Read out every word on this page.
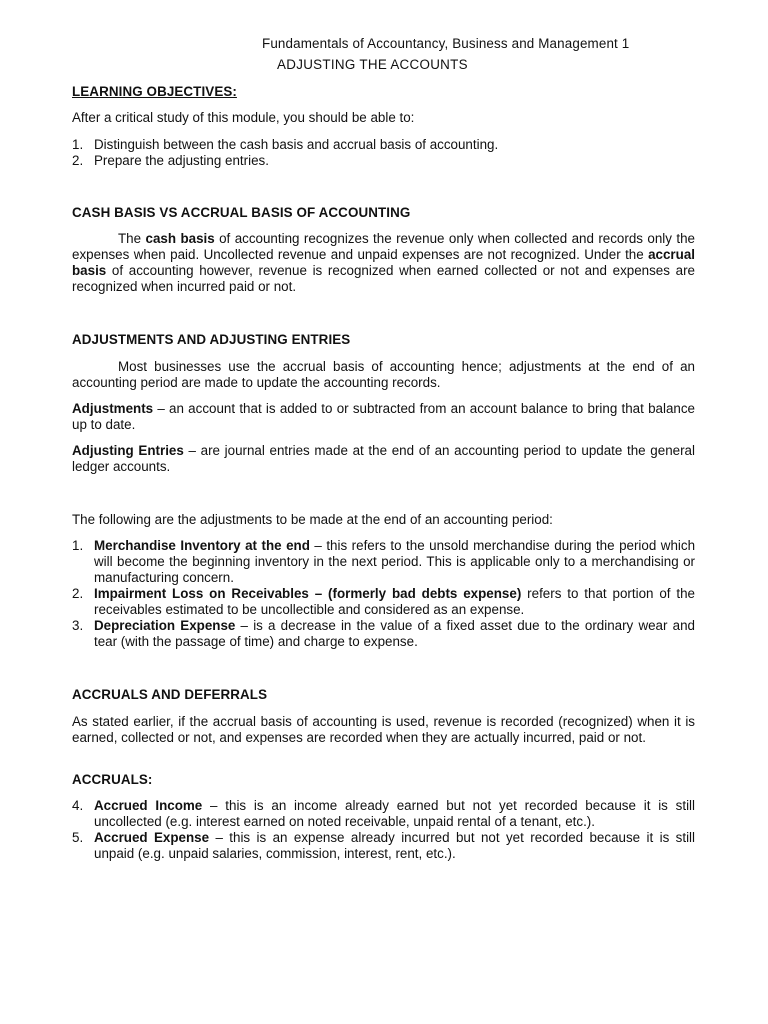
Fundamentals of Accountancy, Business and Management 1
ADJUSTING THE ACCOUNTS
LEARNING OBJECTIVES:
After a critical study of this module, you should be able to:
1. Distinguish between the cash basis and accrual basis of accounting.
2. Prepare the adjusting entries.
CASH BASIS VS ACCRUAL BASIS OF ACCOUNTING

The cash basis of accounting recognizes the revenue only when collected and records only the expenses when paid. Uncollected revenue and unpaid expenses are not recognized. Under the accrual basis of accounting however, revenue is recognized when earned collected or not and expenses are recognized when incurred paid or not.

ADJUSTMENTS AND ADJUSTING ENTRIES

Most businesses use the accrual basis of accounting hence; adjustments at the end of an accounting period are made to update the accounting records.

Adjustments – an account that is added to or subtracted from an account balance to bring that balance up to date.

Adjusting Entries – are journal entries made at the end of an accounting period to update the general ledger accounts.

The following are the adjustments to be made at the end of an accounting period:
1. Merchandise Inventory at the end – this refers to the unsold merchandise during the period which will become the beginning inventory in the next period. This is applicable only to a merchandising or manufacturing concern.

2. Impairment Loss on Receivables – (formerly bad debts expense) refers to that portion of the receivables estimated to be uncollectible and considered as an expense.

3. Depreciation Expense – is a decrease in the value of a fixed asset due to the ordinary wear and tear (with the passage of time) and charge to expense.

ACCRUALS AND DEFERRALS

As stated earlier, if the accrual basis of accounting is used, revenue is recorded (recognized) when it is earned, collected or not, and expenses are recorded when they are actually incurred, paid or not.

ACCRUALS:
4. Accrued Income – this is an income already earned but not yet recorded because it is still uncollected (e.g. interest earned on noted receivable, unpaid rental of a tenant, etc.).

5. Accrued Expense – this is an expense already incurred but not yet recorded because it is still unpaid (e.g. unpaid salaries, commission, interest, rent, etc.).
